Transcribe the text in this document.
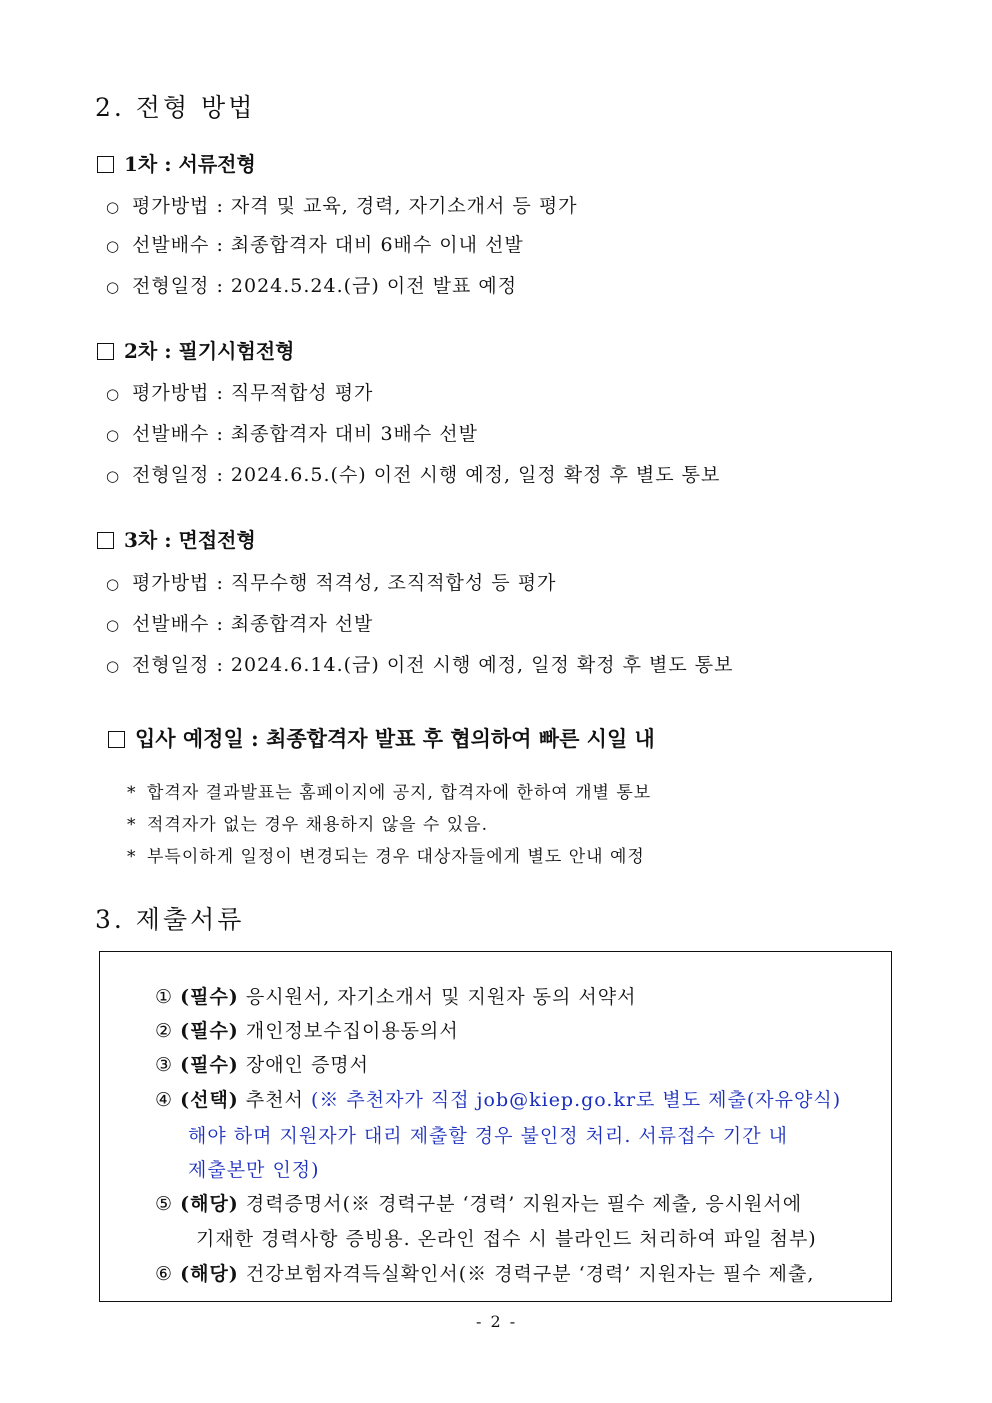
2. 전형 방법
1차 : 서류전형
○ 평가방법 : 자격 및 교육, 경력, 자기소개서 등 평가
○ 선발배수 : 최종합격자 대비 6배수 이내 선발
○ 전형일정 : 2024.5.24.(금) 이전 발표 예정
2차 : 필기시험전형
○ 평가방법 : 직무적합성 평가
○ 선발배수 : 최종합격자 대비 3배수 선발
○ 전형일정 : 2024.6.5.(수) 이전 시행 예정, 일정 확정 후 별도 통보
3차 : 면접전형
○ 평가방법 : 직무수행 적격성, 조직적합성 등 평가
○ 선발배수 : 최종합격자 선발
○ 전형일정 : 2024.6.14.(금) 이전 시행 예정, 일정 확정 후 별도 통보
입사 예정일 : 최종합격자 발표 후 협의하여 빠른 시일 내
* 합격자 결과발표는 홈페이지에 공지, 합격자에 한하여 개별 통보
* 적격자가 없는 경우 채용하지 않을 수 있음.
* 부득이하게 일정이 변경되는 경우 대상자들에게 별도 안내 예정
3. 제출서류
① (필수) 응시원서, 자기소개서 및 지원자 동의 서약서
② (필수) 개인정보수집이용동의서
③ (필수) 장애인 증명서
④ (선택) 추천서 (※ 추천자가 직접 job@kiep.go.kr로 별도 제출(자유양식)
해야 하며 지원자가 대리 제출할 경우 불인정 처리. 서류접수 기간 내
제출본만 인정)
⑤ (해당) 경력증명서(※ 경력구분 ‘경력’ 지원자는 필수 제출, 응시원서에
기재한 경력사항 증빙용. 온라인 접수 시 블라인드 처리하여 파일 첨부)
⑥ (해당) 건강보험자격득실확인서(※ 경력구분 ‘경력’ 지원자는 필수 제출,
- 2 -
